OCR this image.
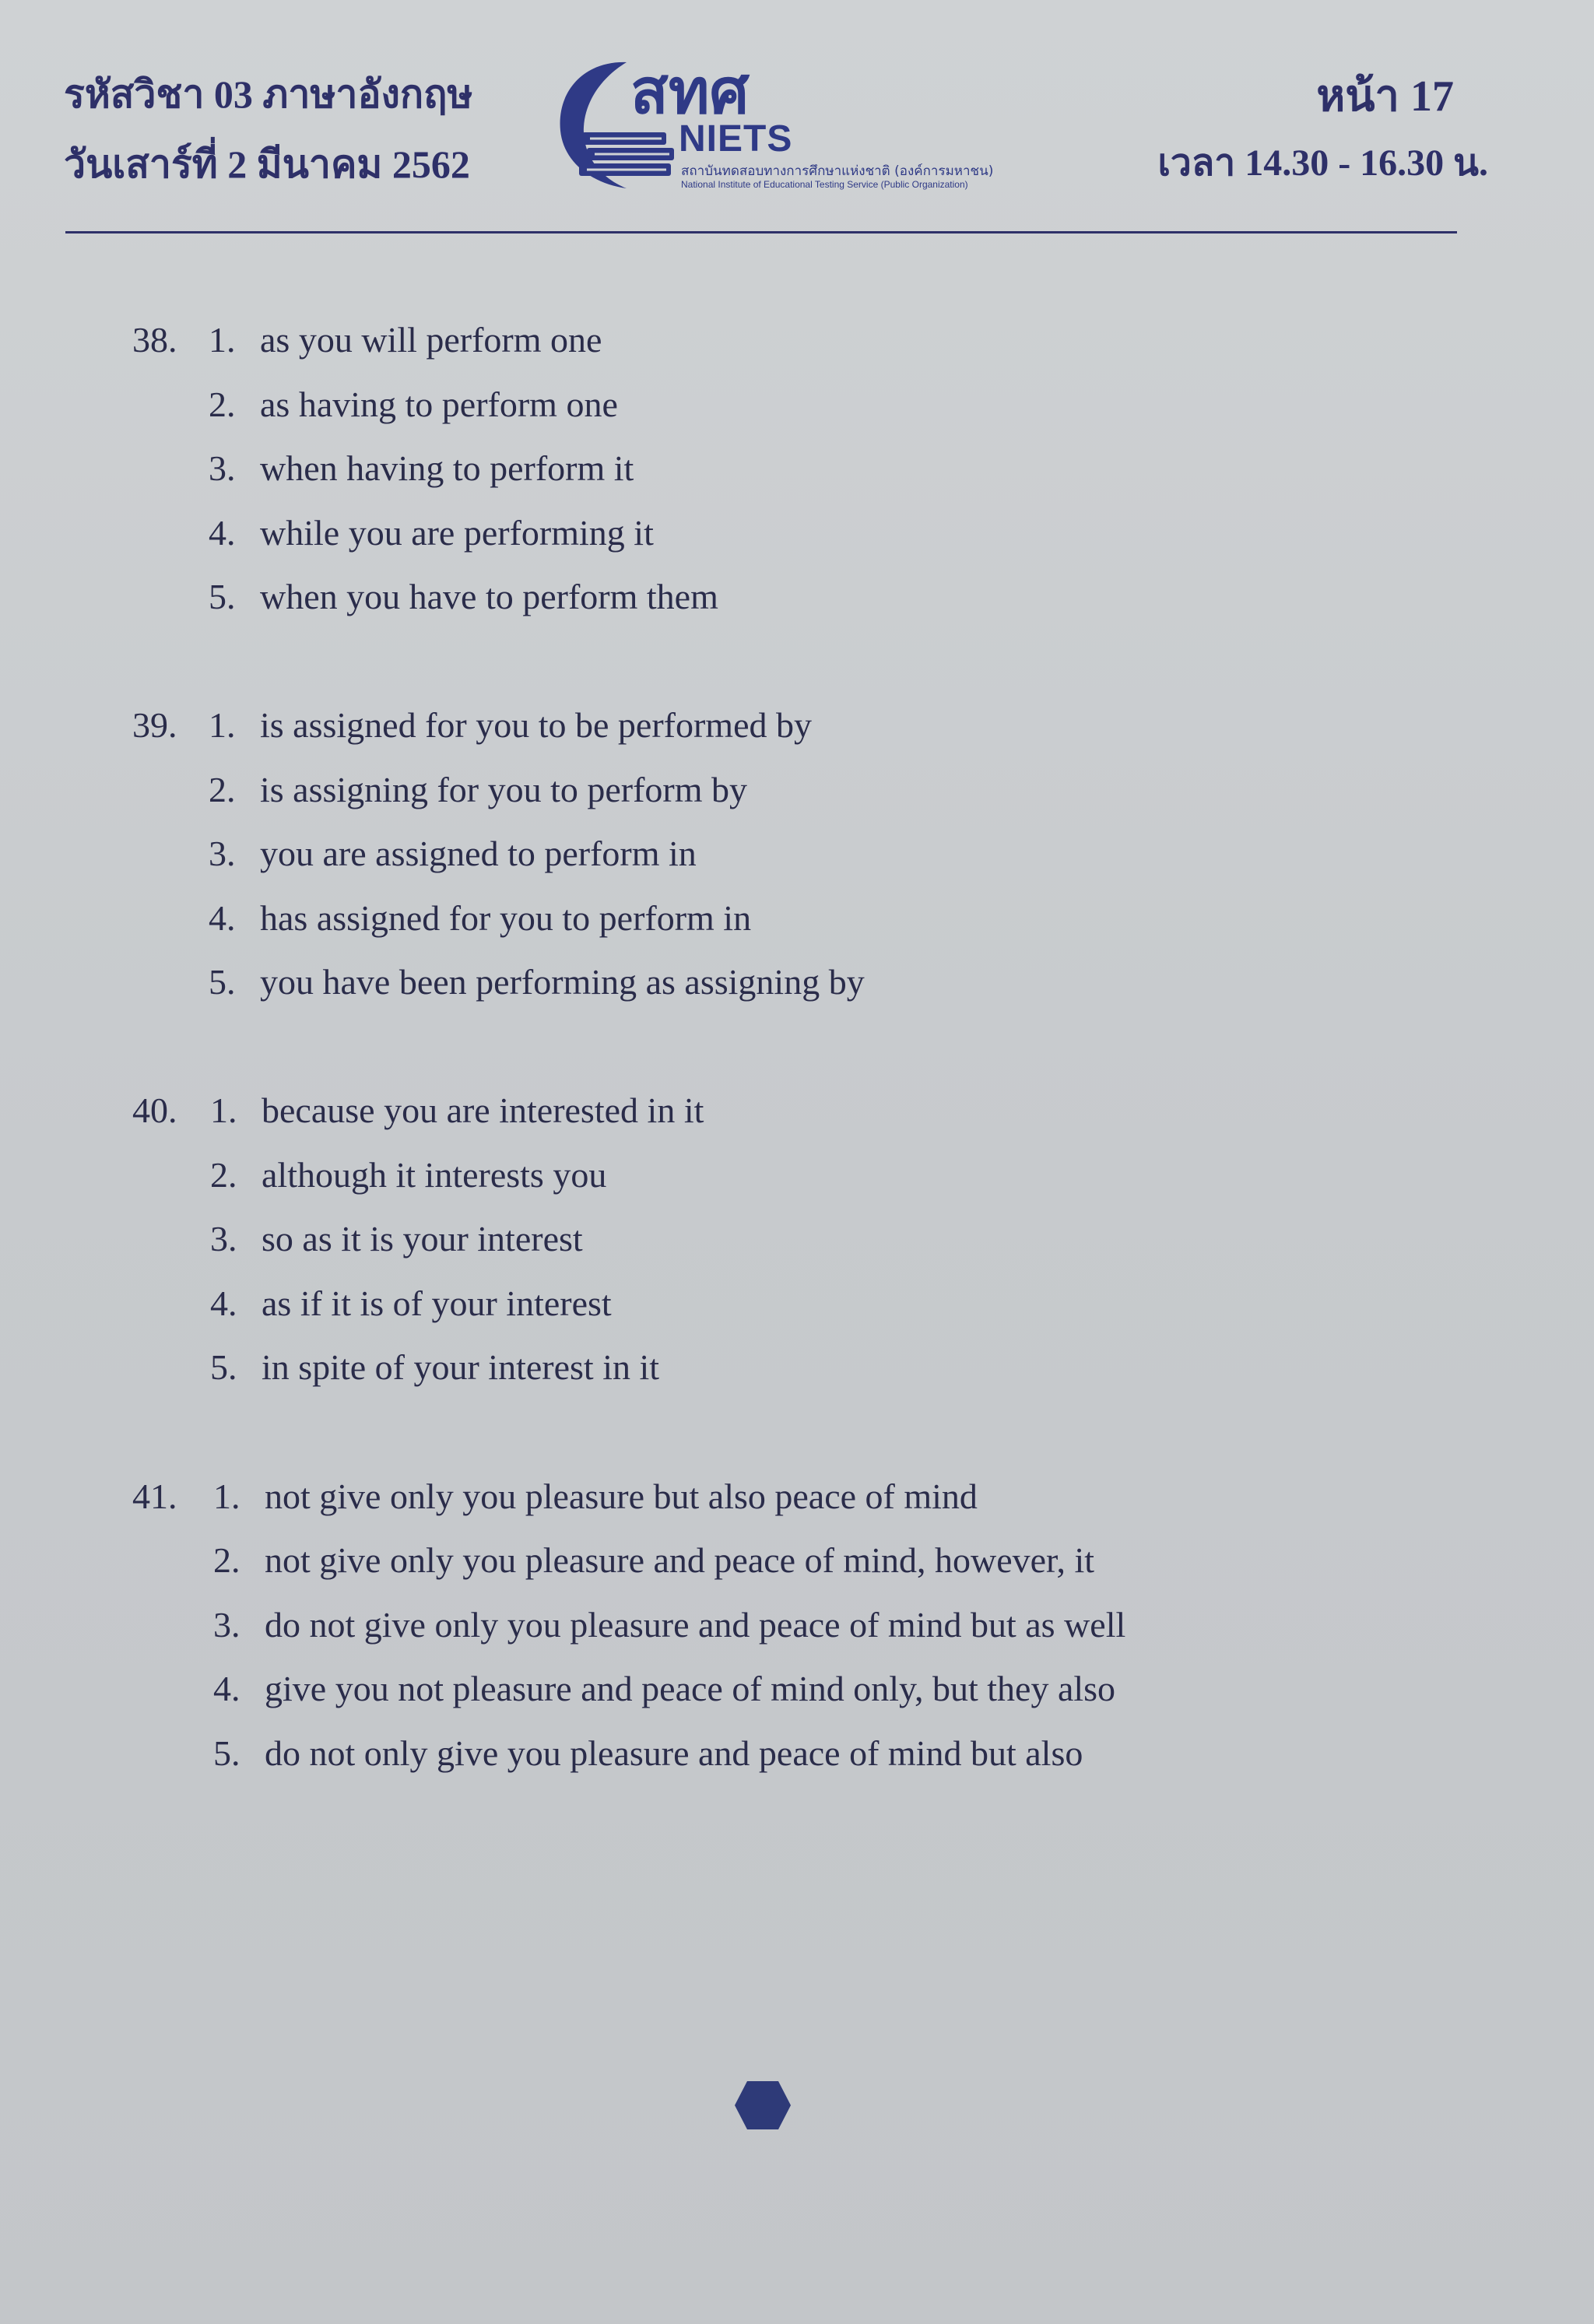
รหัสวิชา 03 ภาษาอังกฤษ
วันเสาร์ที่ 2 มีนาคม 2562
สทศ
NIETS
สถาบันทดสอบทางการศึกษาแห่งชาติ (องค์การมหาชน)
National Institute of Educational Testing Service (Public Organization)
หน้า 17
เวลา 14.30 - 16.30 น.
38. 1. as you will perform one
2. as having to perform one
3. when having to perform it
4. while you are performing it
5. when you have to perform them
39. 1. is assigned for you to be performed by
2. is assigning for you to perform by
3. you are assigned to perform in
4. has assigned for you to perform in
5. you have been performing as assigning by
40. 1. because you are interested in it
2. although it interests you
3. so as it is your interest
4. as if it is of your interest
5. in spite of your interest in it
41. 1. not give only you pleasure but also peace of mind
2. not give only you pleasure and peace of mind, however, it
3. do not give only you pleasure and peace of mind but as well
4. give you not pleasure and peace of mind only, but they also
5. do not only give you pleasure and peace of mind but also
